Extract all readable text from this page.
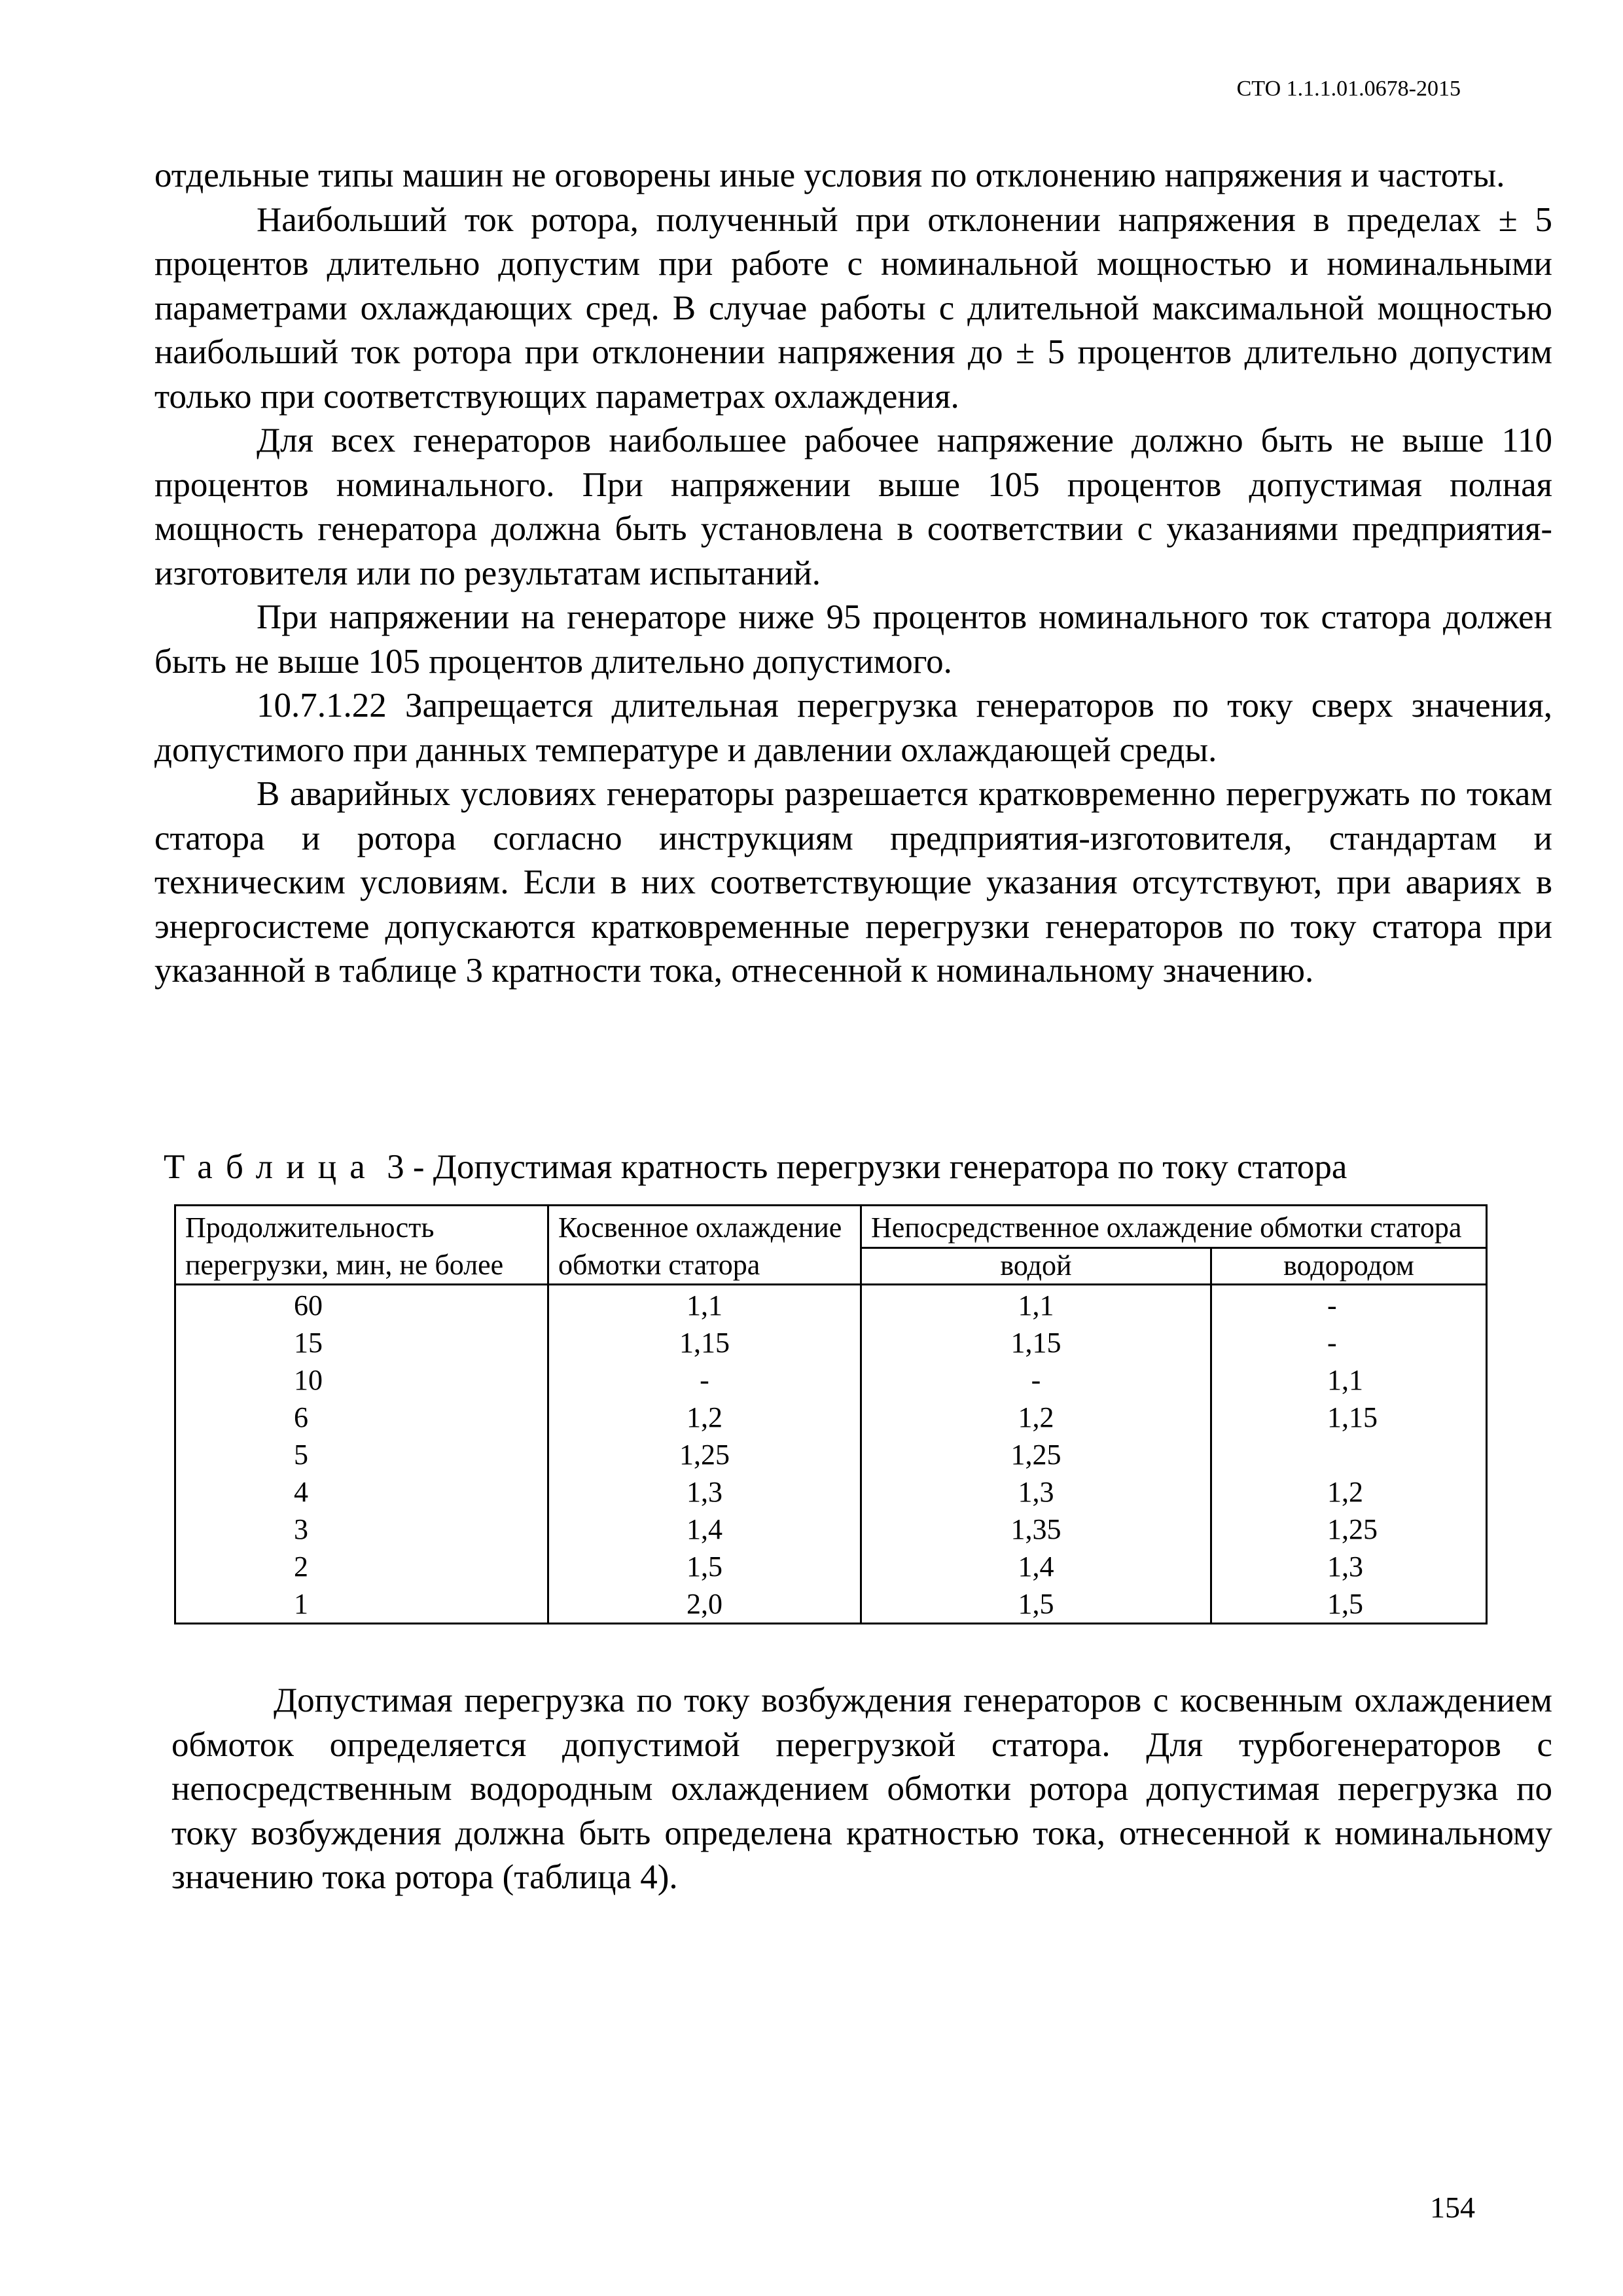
СТО 1.1.1.01.0678-2015

отдельные типы машин не оговорены иные условия по отклонению напряжения и частоты.

Наибольший ток ротора, полученный при отклонении напряжения в пределах ± 5 процентов длительно допустим при работе с номинальной мощностью и номинальными параметрами охлаждающих сред. В случае работы с длительной максимальной мощностью наибольший ток ротора при отклонении напряжения до ± 5 процентов длительно допустим только при соответствующих параметрах охлаждения.

Для всех генераторов наибольшее рабочее напряжение должно быть не выше 110 процентов номинального. При напряжении выше 105 процентов допустимая полная мощность генератора должна быть установлена в соответствии с указаниями предприятия-изготовителя или по результатам испытаний.

При напряжении на генераторе ниже 95 процентов номинального ток статора должен быть не выше 105 процентов длительно допустимого.

10.7.1.22 Запрещается длительная перегрузка генераторов по току сверх значения, допустимого при данных температуре и давлении охлаждающей среды.

В аварийных условиях генераторы разрешается кратковременно перегружать по токам статора и ротора согласно инструкциям предприятия-изготовителя, стандартам и техническим условиям. Если в них соответствующие указания отсутствуют, при авариях в энергосистеме допускаются кратковременные перегрузки генераторов по току статора при указанной в таблице 3 кратности тока, отнесенной к номинальному значению.

Таблица 3 - Допустимая кратность перегрузки генератора по току статора
Продолжительность перегрузки, мин, не более	Косвенное охлаждение обмотки статора	Непосредственное охлаждение обмотки статора	
		водой	водородом
60	1,1	1,1	-
15	1,15	1,15	-
10	-	-	1,1
6	1,2	1,2	1,15
5	1,25	1,25	
4	1,3	1,3	1,2
3	1,4	1,35	1,25
2	1,5	1,4	1,3
1	2,0	1,5	1,5

Допустимая перегрузка по току возбуждения генераторов с косвенным охлаждением обмоток определяется допустимой перегрузкой статора. Для турбогенераторов с непосредственным водородным охлаждением обмотки ротора допустимая перегрузка по току возбуждения должна быть определена кратностью тока, отнесенной к номинальному значению тока ротора (таблица 4).

154
